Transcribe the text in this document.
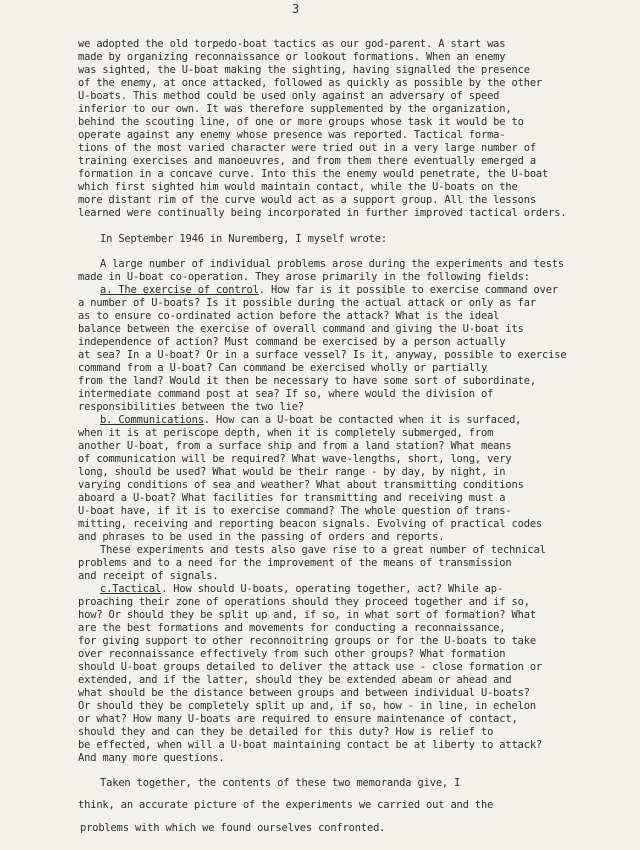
3
we adopted the old torpedo-boat tactics as our god-parent. A start was
made by organizing reconnaissance or lookout formations. When an enemy
was sighted, the U-boat making the sighting, having signalled the presence
of the enemy, at once attacked, followed as quickly as possible by the other
U-boats. This method could be used only against an adversary of speed
inferior to our own. It was therefore supplemented by the organization,
behind the scouting line, of one or more groups whose task it would be to
operate against any enemy whose presence was reported. Tactical forma-
tions of the most varied character were tried out in a very large number of
training exercises and manoeuvres, and from them there eventually emerged a
formation in a concave curve. Into this the enemy would penetrate, the U-boat
which first sighted him would maintain contact, while the U-boats on the
more distant rim of the curve would act as a support group. All the lessons
learned were continually being incorporated in further improved tactical orders.
In September 1946 in Nuremberg, I myself wrote:
A large number of individual problems arose during the experiments and tests
made in U-boat co-operation. They arose primarily in the following fields:
a. The exercise of control. How far is it possible to exercise command over
a number of U-boats? Is it possible during the actual attack or only as far
as to ensure co-ordinated action before the attack? What is the ideal
balance between the exercise of overall command and giving the U-boat its
independence of action? Must command be exercised by a person actually
at sea? In a U-boat? Or in a surface vessel? Is it, anyway, possible to exercise
command from a U-boat? Can command be exercised wholly or partially
from the land? Would it then be necessary to have some sort of subordinate,
intermediate command post at sea? If so, where would the division of
responsibilities between the two lie?
b. Communications. How can a U-boat be contacted when it is surfaced,
when it is at periscope depth, when it is completely submerged, from
another U-boat, from a surface ship and from a land station? What means
of communication will be required? What wave-lengths, short, long, very
long, should be used? What would be their range - by day, by night, in
varying conditions of sea and weather? What about transmitting conditions
aboard a U-boat? What facilities for transmitting and receiving must a
U-boat have, if it is to exercise command? The whole question of trans-
mitting, receiving and reporting beacon signals. Evolving of practical codes
and phrases to be used in the passing of orders and reports.
These experiments and tests also gave rise to a great number of technical
problems and to a need for the improvement of the means of transmission
and receipt of signals.
c.Tactical. How should U-boats, operating together, act? While ap-
proaching their zone of operations should they proceed together and if so,
how? Or should they be split up and, if so, in what sort of formation? What
are the best formations and movements for conducting a reconnaissance,
for giving support to other reconnoitring groups or for the U-boats to take
over reconnaissance effectively from such other groups? What formation
should U-boat groups detailed to deliver the attack use - close formation or
extended, and if the latter, should they be extended abeam or ahead and
what should be the distance between groups and between individual U-boats?
Or should they be completely split up and, if so, how - in line, in echelon
or what? How many U-boats are required to ensure maintenance of contact,
should they and can they be detailed for this duty? How is relief to
be effected, when will a U-boat maintaining contact be at liberty to attack?
And many more questions.
Taken together, the contents of these two memoranda give, I
think, an accurate picture of the experiments we carried out and the
problems with which we found ourselves confronted.
